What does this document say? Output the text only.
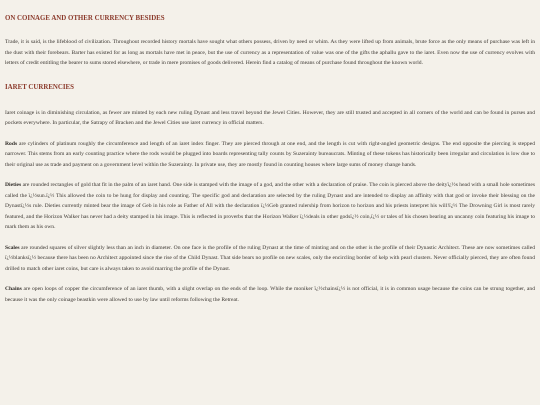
ON COINAGE AND OTHER CURRENCY BESIDES

Trade, it is said, is the lifeblood of civilization. Throughout recorded history mortals have sought what others possess, driven by need or whim. As they were lifted up from animals, brute force as the only means of purchase was left in the dust with their forebears. Barter has existed for as long as mortals have met in peace, but the use of currency as a representation of value was one of the gifts the aphallu gave to the iaret. Even now the use of currency evolves with letters of credit entitling the bearer to sums stored elsewhere, or trade in mere promises of goods delivered. Herein find a catalog of means of purchase found throughout the known world.

IARET CURRENCIES

Iaret coinage is in diminishing circulation, as fewer are minted by each new ruling Dynast and less travel beyond the Jewel Cities. However, they are still trusted and accepted in all corners of the world and can be found in purses and pockets everywhere. In particular, the Satrapy of Bracken and the Jewel Cities use iaret currency in official matters.

Rods are cylinders of platinum roughly the circumference and length of an iaret index finger. They are pierced through at one end, and the length is cut with right-angled geometric designs. The end opposite the piercing is stepped narrower. This stems from an early counting practice where the rods would be plugged into boards representing tally counts by Suzerainty bureaucrats. Minting of these tokens has historically been irregular and circulation is low due to their original use as trade and payment on a government level within the Suzerainty. In private use, they are mostly found in counting houses where large sums of money change hands.

Dieties are rounded rectangles of gold that fit in the palm of an iaret hand. One side is stamped with the image of a god, and the other with a declaration of praise. The coin is pierced above the deityï¿½s head with a small hole sometimes called the ï¿½sun.ï¿½ This allowed the coin to be hung for display and counting. The specific god and declaration are selected by the ruling Dynast and are intended to display an affinity with that god or invoke their blessing on the Dynastï¿½s rule. Dieties currently minted bear the image of Geb in his role as Father of All with the declaration ï¿½Geb granted rulership from horizon to horizon and his priests interpret his will!ï¿½ The Drowning Girl is most rarely featured, and the Horizon Walker has never had a deity stamped in his image. This is reflected in proverbs that the Horizon Walker ï¿½deals in other godsï¿½ coin,ï¿½ or tales of his chosen bearing an uncanny coin featuring his image to mark them as his own.

Scales are rounded squares of silver slightly less than an inch in diameter. On one face is the profile of the ruling Dynast at the time of minting and on the other is the profile of their Dynastic Architect. These are now sometimes called ï¿½blanksï¿½ because there has been no Architect appointed since the rise of the Child Dynast. That side bears no profile on new scales, only the encircling border of kelp with pearl clusters. Never officially pierced, they are often found drilled to match other iaret coins, but care is always taken to avoid marring the profile of the Dynast.

Chains are open loops of copper the circumference of an iaret thumb, with a slight overlap on the ends of the loop. While the moniker ï¿½chainsï¿½ is not official, it is in common usage because the coins can be strung together, and because it was the only coinage beastkin were allowed to use by law until reforms following the Retreat.
